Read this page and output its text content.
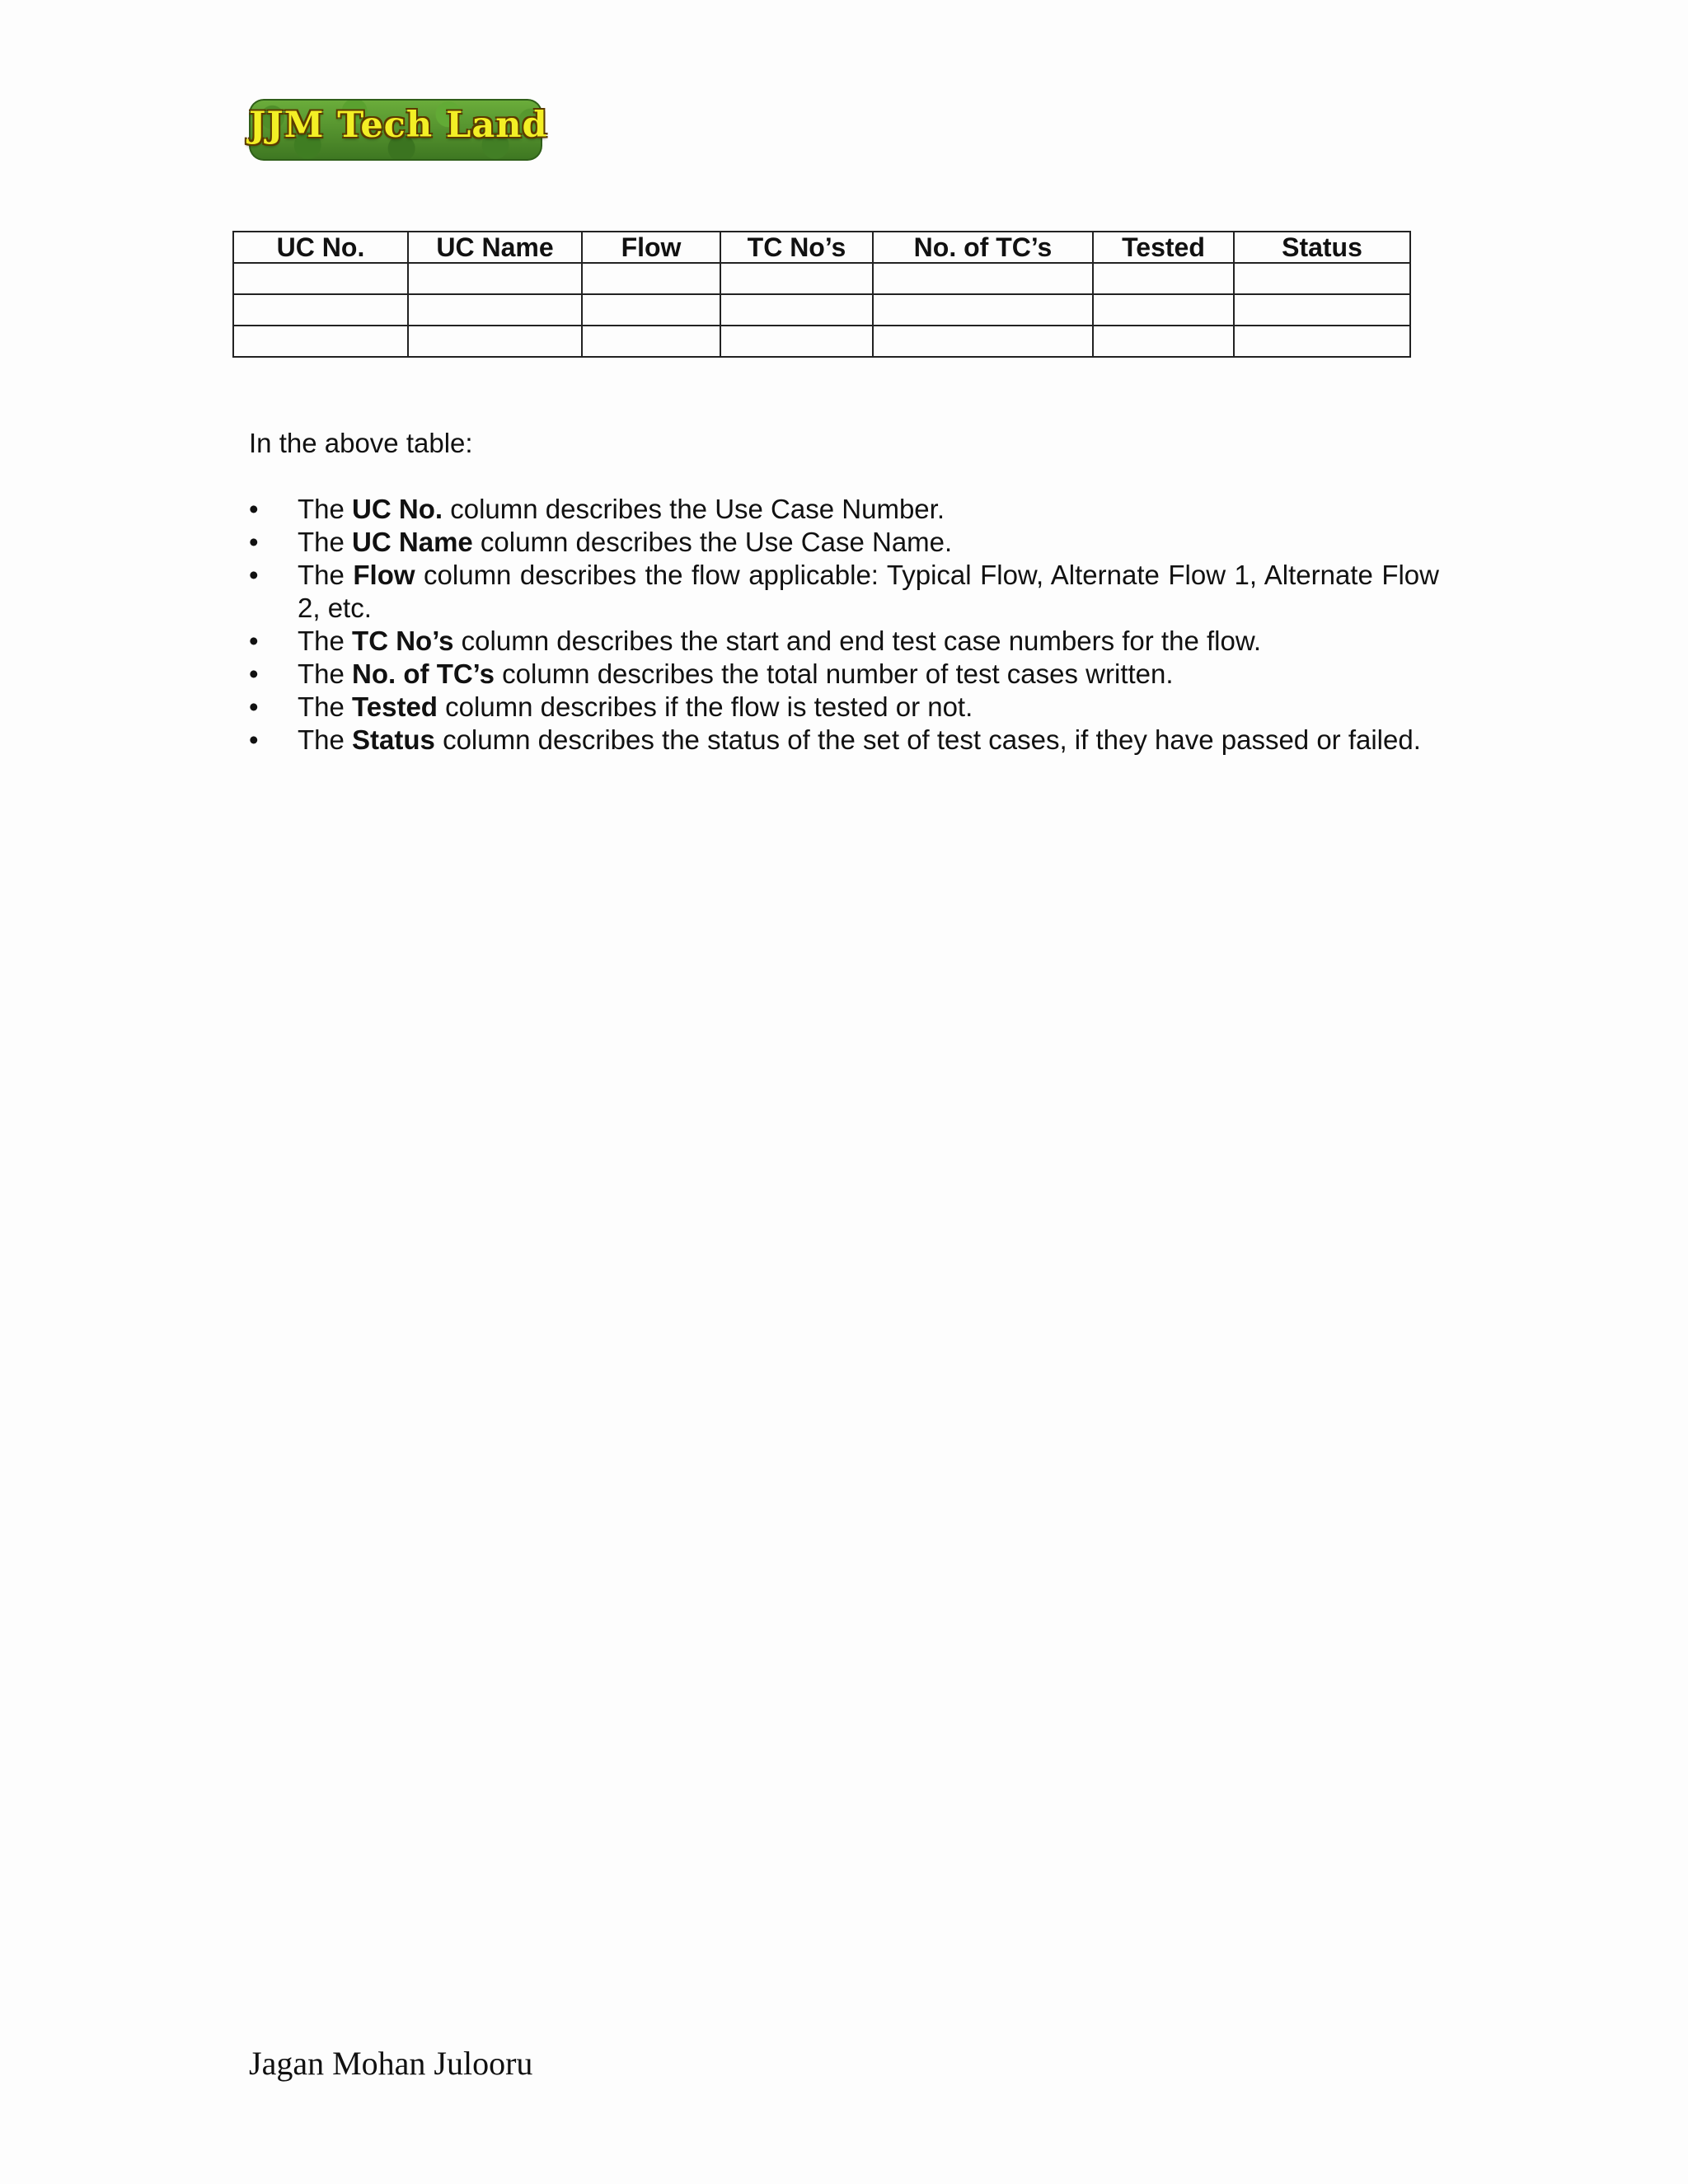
JJM Tech Land
UC No.	UC Name	Flow	TC No’s	No. of TC’s	Tested	Status

In the above table:

•	The UC No. column describes the Use Case Number.
•	The UC Name column describes the Use Case Name.
•	The Flow column describes the flow applicable: Typical Flow, Alternate Flow 1, Alternate Flow 2, etc.
•	The TC No’s column describes the start and end test case numbers for the flow.
•	The No. of TC’s column describes the total number of test cases written.
•	The Tested column describes if the flow is tested or not.
•	The Status column describes the status of the set of test cases, if they have passed or failed.
Jagan Mohan Julooru
